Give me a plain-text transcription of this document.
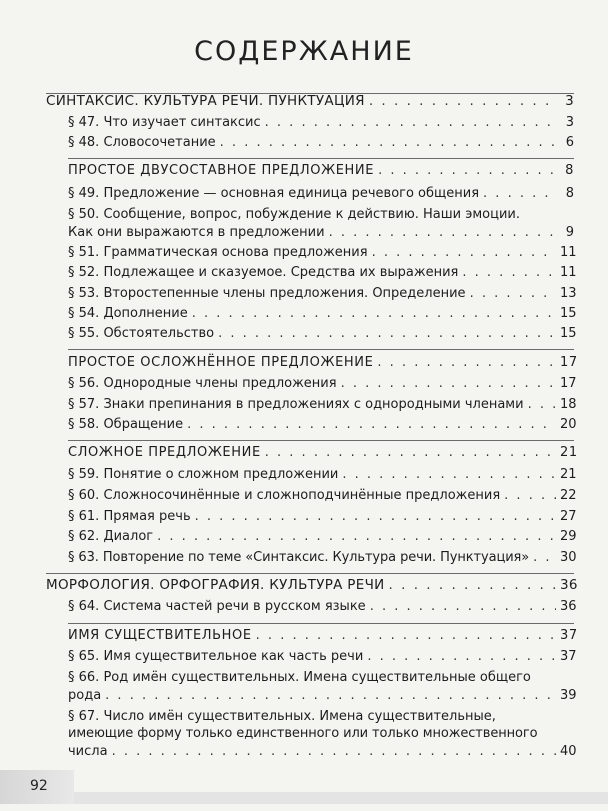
СОДЕРЖАНИЕ
СИНТАКСИС. КУЛЬТУРА РЕЧИ. ПУНКТУАЦИЯ . . .	3
§ 47. Что изучает синтаксис . . .	3
§ 48. Словосочетание . . .	6
ПРОСТОЕ ДВУСОСТАВНОЕ ПРЕДЛОЖЕНИЕ . . .	8
§ 49. Предложение — основная единица речевого общения . . .	8
§ 50. Сообщение, вопрос, побуждение к действию. Наши эмоции.
Как они выражаются в предложении . . .	9
§ 51. Грамматическая основа предложения . . .	11
§ 52. Подлежащее и сказуемое. Средства их выражения . . .	11
§ 53. Второстепенные члены предложения. Определение . . .	13
§ 54. Дополнение . . .	15
§ 55. Обстоятельство . . .	15
ПРОСТОЕ ОСЛОЖНЁННОЕ ПРЕДЛОЖЕНИЕ . . .	17
§ 56. Однородные члены предложения . . .	17
§ 57. Знаки препинания в предложениях с однородными членами . . .	18
§ 58. Обращение . . .	20
СЛОЖНОЕ ПРЕДЛОЖЕНИЕ . . .	21
§ 59. Понятие о сложном предложении . . .	21
§ 60. Сложносочинённые и сложноподчинённые предложения . . .	22
§ 61. Прямая речь . . .	27
§ 62. Диалог . . .	29
§ 63. Повторение по теме «Синтаксис. Культура речи. Пунктуация» . . . 30
МОРФОЛОГИЯ. ОРФОГРАФИЯ. КУЛЬТУРА РЕЧИ . . .	36
§ 64. Система частей речи в русском языке . . .	36
ИМЯ СУЩЕСТВИТЕЛЬНОЕ . . .	37
§ 65. Имя существительное как часть речи . . .	37
§ 66. Род имён существительных. Имена существительные общего
рода . . .	39
§ 67. Число имён существительных. Имена существительные,
имеющие форму только единственного или только множественного
числа . . .	40
92
